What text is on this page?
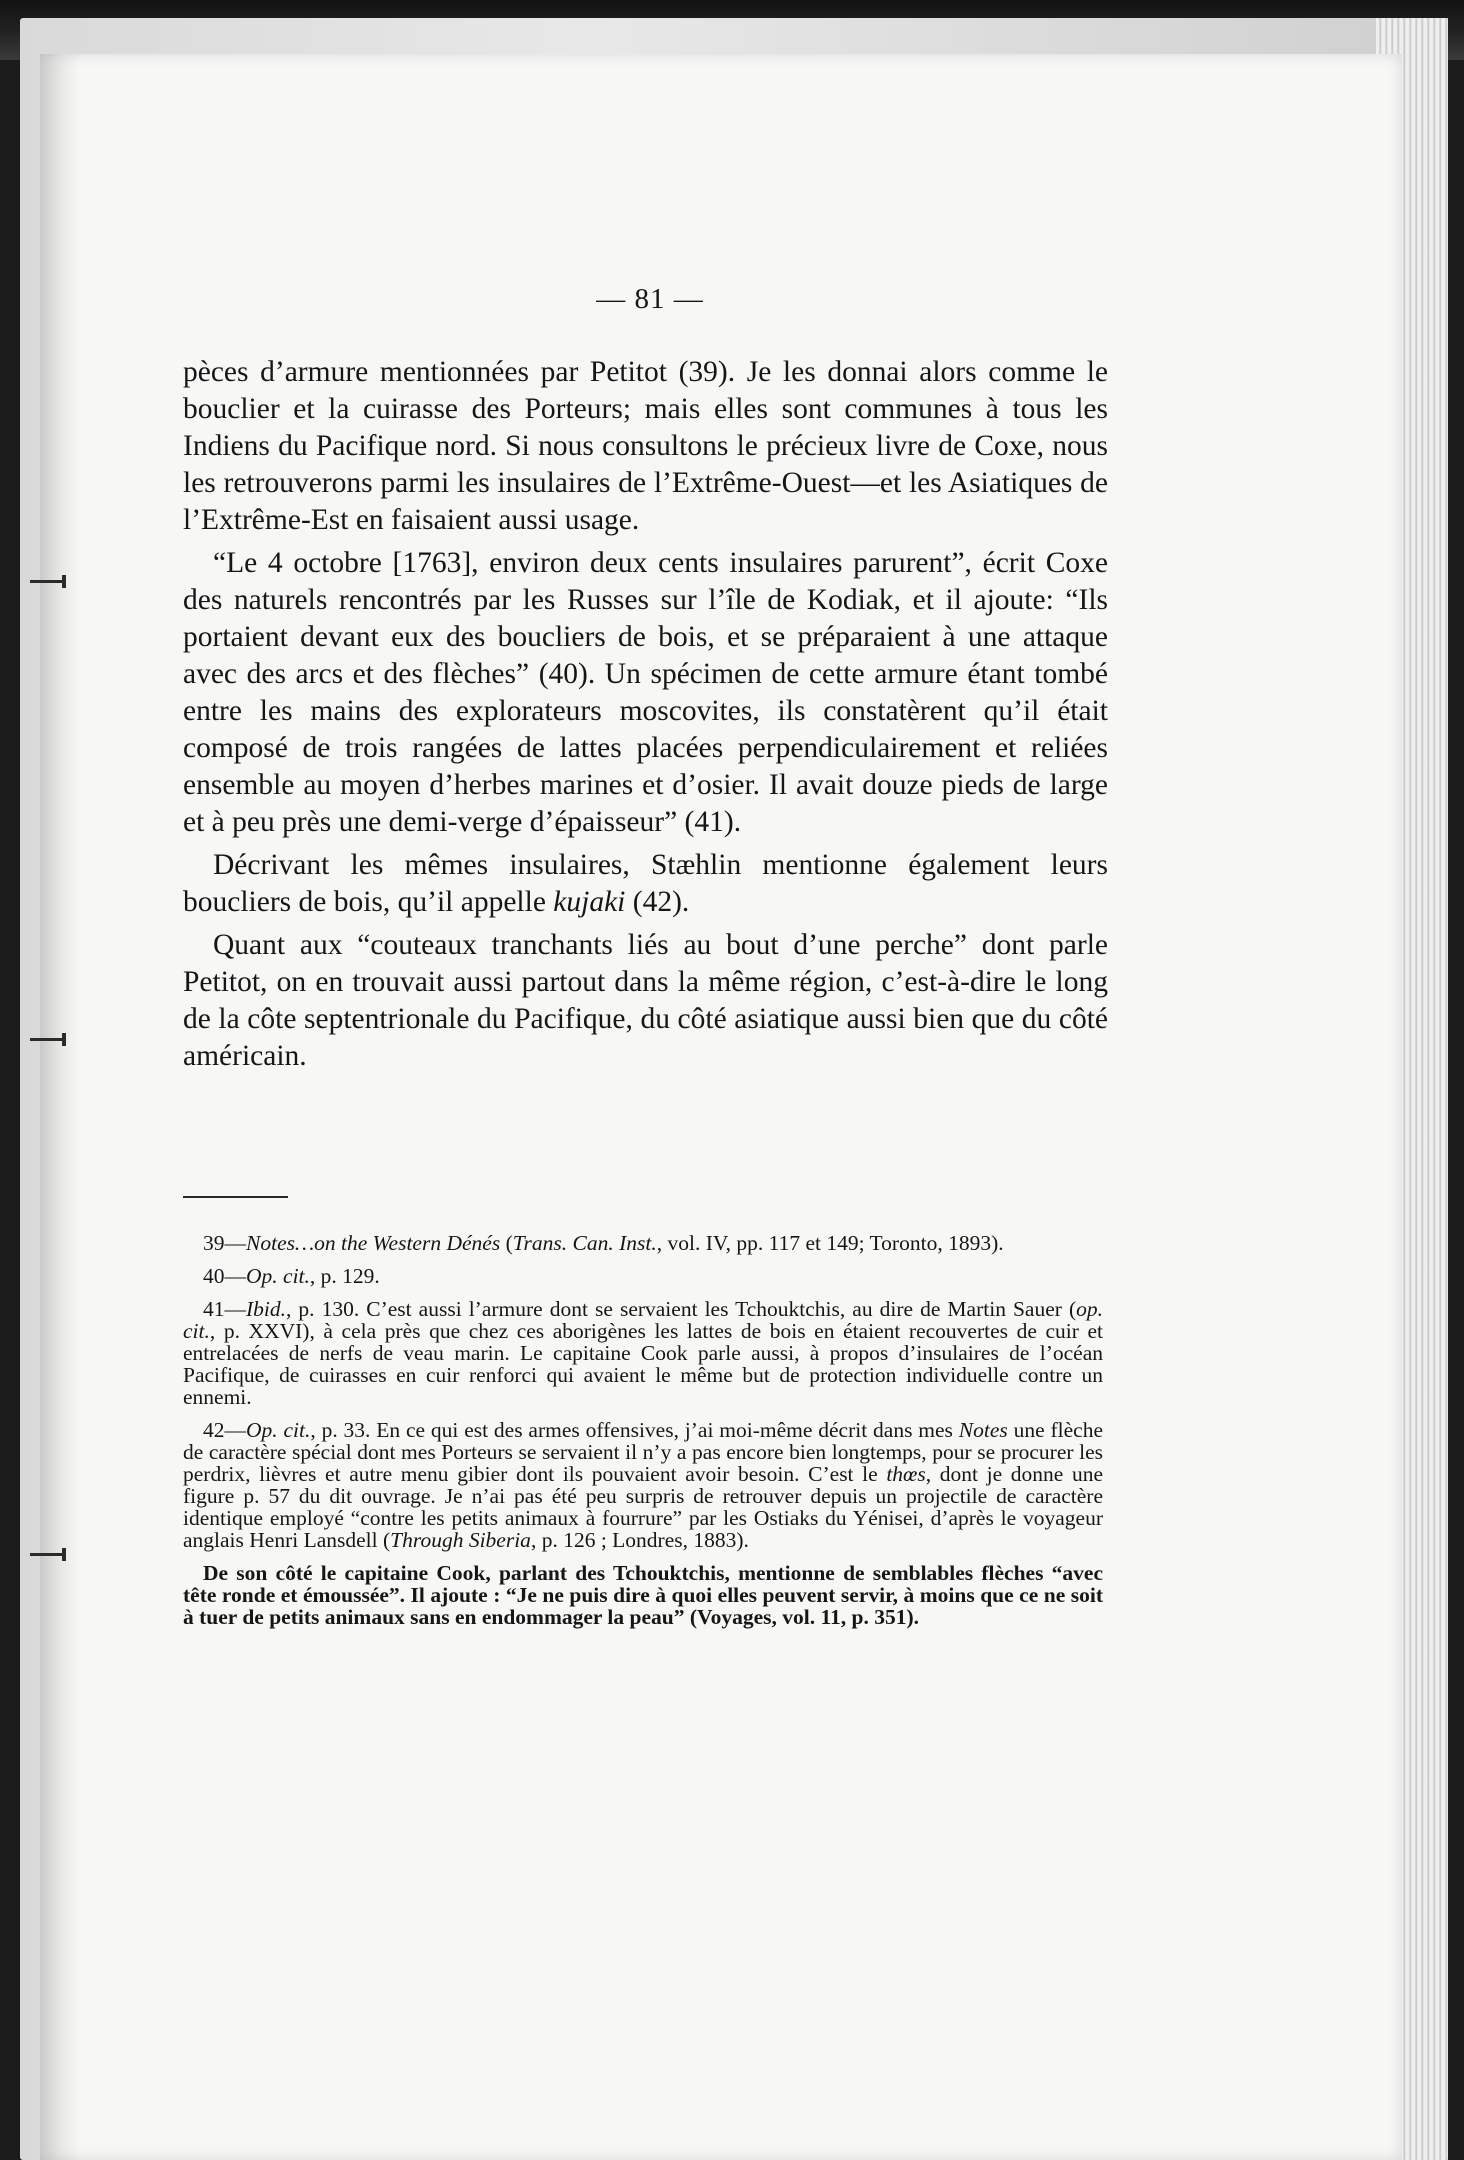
— 81 —

pèces d’armure mentionnées par Petitot (39). Je les donnai alors comme le bouclier et la cuirasse des Porteurs; mais elles sont communes à tous les Indiens du Pacifique nord. Si nous consultons le précieux livre de Coxe, nous les retrouverons parmi les insulaires de l’Extrême-Ouest—et les Asiatiques de l’Extrême-Est en faisaient aussi usage.

“Le 4 octobre [1763], environ deux cents insulaires parurent”, écrit Coxe des naturels rencontrés par les Russes sur l’île de Kodiak, et il ajoute: “Ils portaient devant eux des boucliers de bois, et se préparaient à une attaque avec des arcs et des flèches” (40). Un spécimen de cette armure étant tombé entre les mains des explorateurs moscovites, ils constatèrent qu’il était composé de trois rangées de lattes placées perpendiculairement et reliées ensemble au moyen d’herbes marines et d’osier. Il avait douze pieds de large et à peu près une demi-verge d’épaisseur” (41).

Décrivant les mêmes insulaires, Stæhlin mentionne également leurs boucliers de bois, qu’il appelle kujaki (42).

Quant aux “couteaux tranchants liés au bout d’une perche” dont parle Petitot, on en trouvait aussi partout dans la même région, c’est-à-dire le long de la côte septentrionale du Pacifique, du côté asiatique aussi bien que du côté américain.

39—Notes…on the Western Dénés (Trans. Can. Inst., vol. IV, pp. 117 et 149; Toronto, 1893).

40—Op. cit., p. 129.

41—Ibid., p. 130. C’est aussi l’armure dont se servaient les Tchouktchis, au dire de Martin Sauer (op. cit., p. XXVI), à cela près que chez ces aborigènes les lattes de bois en étaient recouvertes de cuir et entrelacées de nerfs de veau marin. Le capitaine Cook parle aussi, à propos d’insulaires de l’océan Pacifique, de cuirasses en cuir renforci qui avaient le même but de protection individuelle contre un ennemi.

42—Op. cit., p. 33. En ce qui est des armes offensives, j’ai moi-même décrit dans mes Notes une flèche de caractère spécial dont mes Porteurs se servaient il n’y a pas encore bien longtemps, pour se procurer les perdrix, lièvres et autre menu gibier dont ils pouvaient avoir besoin. C’est le thœs, dont je donne une figure p. 57 du dit ouvrage. Je n’ai pas été peu surpris de retrouver depuis un projectile de caractère identique employé “contre les petits animaux à fourrure” par les Ostiaks du Yénisei, d’après le voyageur anglais Henri Lansdell (Through Siberia, p. 126 ; Londres, 1883).

De son côté le capitaine Cook, parlant des Tchouktchis, mentionne de semblables flèches “avec tête ronde et émoussée”. Il ajoute : “Je ne puis dire à quoi elles peuvent servir, à moins que ce ne soit à tuer de petits animaux sans en endommager la peau” (Voyages, vol. 11, p. 351).
